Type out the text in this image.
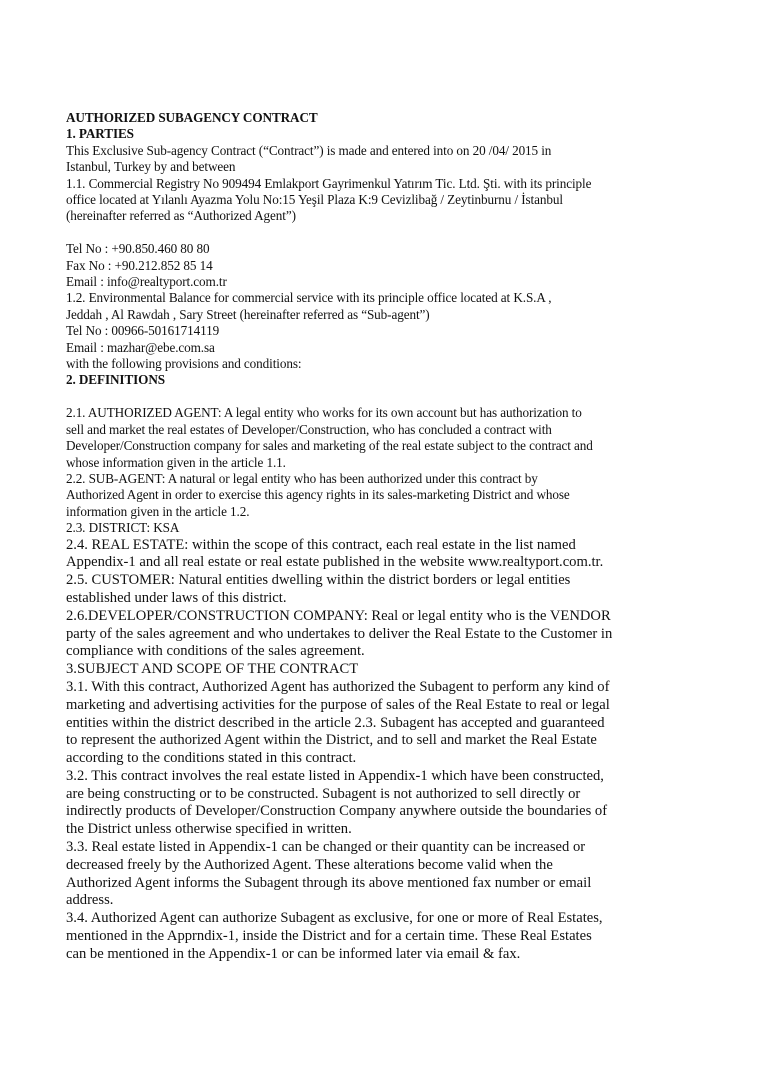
AUTHORIZED SUBAGENCY CONTRACT
1. PARTIES
This Exclusive Sub-agency Contract (“Contract”) is made and entered into on 20 /04/ 2015 in
Istanbul, Turkey by and between
1.1. Commercial Registry No 909494 Emlakport Gayrimenkul Yatırım Tic. Ltd. Şti. with its principle
office located at Yılanlı Ayazma Yolu No:15 Yeşil Plaza K:9 Cevizlibağ / Zeytinburnu / İstanbul
(hereinafter referred as “Authorized Agent”)
Tel No : +90.850.460 80 80
Fax No : +90.212.852 85 14
Email : info@realtyport.com.tr
1.2. Environmental Balance for commercial service with its principle office located at K.S.A ,
Jeddah , Al Rawdah , Sary Street (hereinafter referred as “Sub-agent”)
Tel No : 00966-50161714119
Email : mazhar@ebe.com.sa
with the following provisions and conditions:
2. DEFINITIONS
2.1. AUTHORIZED AGENT: A legal entity who works for its own account but has authorization to
sell and market the real estates of Developer/Construction, who has concluded a contract with
Developer/Construction company for sales and marketing of the real estate subject to the contract and
whose information given in the article 1.1.
2.2. SUB-AGENT: A natural or legal entity who has been authorized under this contract by
Authorized Agent in order to exercise this agency rights in its sales-marketing District and whose
information given in the article 1.2.
2.3. DISTRICT: KSA
2.4. REAL ESTATE: within the scope of this contract, each real estate in the list named
Appendix-1 and all real estate or real estate published in the website www.realtyport.com.tr.
2.5. CUSTOMER: Natural entities dwelling within the district borders or legal entities
established under laws of this district.
2.6.DEVELOPER/CONSTRUCTION COMPANY: Real or legal entity who is the VENDOR
party of the sales agreement and who undertakes to deliver the Real Estate to the Customer in
compliance with conditions of the sales agreement.
3.SUBJECT AND SCOPE OF THE CONTRACT
3.1. With this contract, Authorized Agent has authorized the Subagent to perform any kind of
marketing and advertising activities for the purpose of sales of the Real Estate to real or legal
entities within the district described in the article 2.3. Subagent has accepted and guaranteed
to represent the authorized Agent within the District, and to sell and market the Real Estate
according to the conditions stated in this contract.
3.2. This contract involves the real estate listed in Appendix-1 which have been constructed,
are being constructing or to be constructed. Subagent is not authorized to sell directly or
indirectly products of Developer/Construction Company anywhere outside the boundaries of
the District unless otherwise specified in written.
3.3. Real estate listed in Appendix-1 can be changed or their quantity can be increased or
decreased freely by the Authorized Agent. These alterations become valid when the
Authorized Agent informs the Subagent through its above mentioned fax number or email
address.
3.4. Authorized Agent can authorize Subagent as exclusive, for one or more of Real Estates,
mentioned in the Apprndix-1, inside the District and for a certain time. These Real Estates
can be mentioned in the Appendix-1 or can be informed later via email & fax.
